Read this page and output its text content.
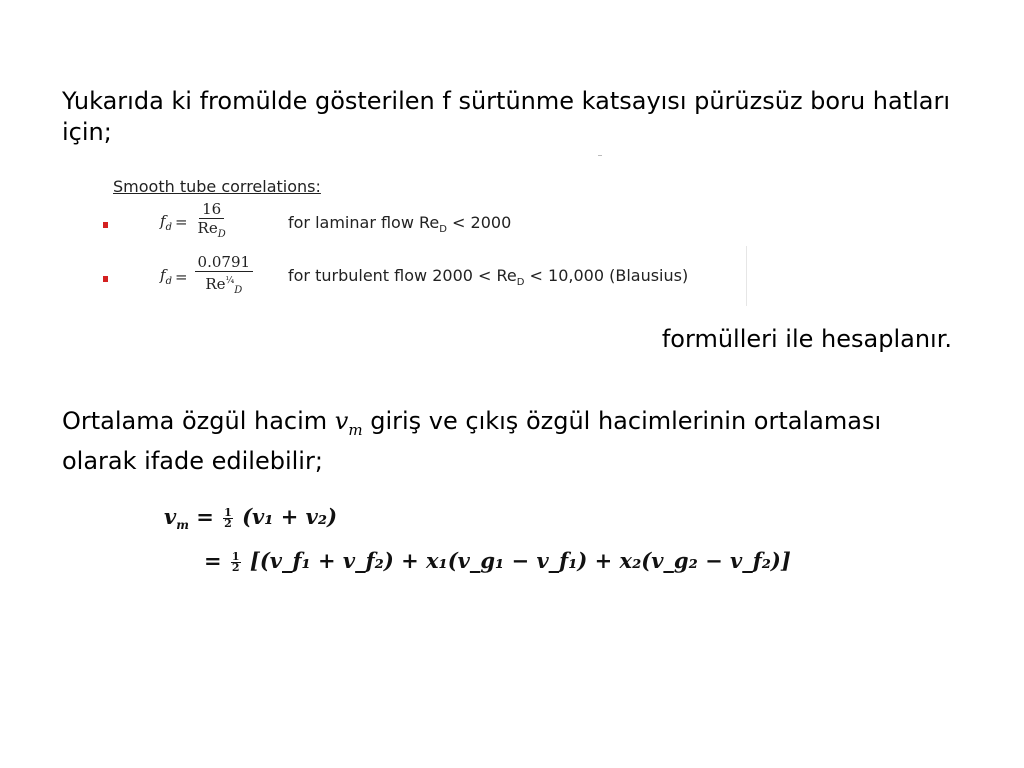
Yukarıda ki fromülde gösterilen f sürtünme katsayısı pürüzsüz boru hatları için;

Smooth tube correlations:
$f_d = \frac{16}{Re_D}$	for laminar flow $Re_D < 2000$
$f_d = \frac{0.0791}{Re^{\frac{1}{4}}_D}$ for turbulent flow $2000 < Re_D < 10,000$ (Blausius)
formülleri ile hesaplanır.

Ortalama özgül hacim $v_m$ giriş ve çıkış özgül hacimlerinin ortalaması olarak ifade edilebilir;

$v_m = \frac{1}{2} (v_1 + v_2)$
= $\frac{1}{2}$ [(v_f₁ + v_f₂) + x₁(v_g₁ − v_f₁) + x₂(v_g₂ − v_f₂)]
